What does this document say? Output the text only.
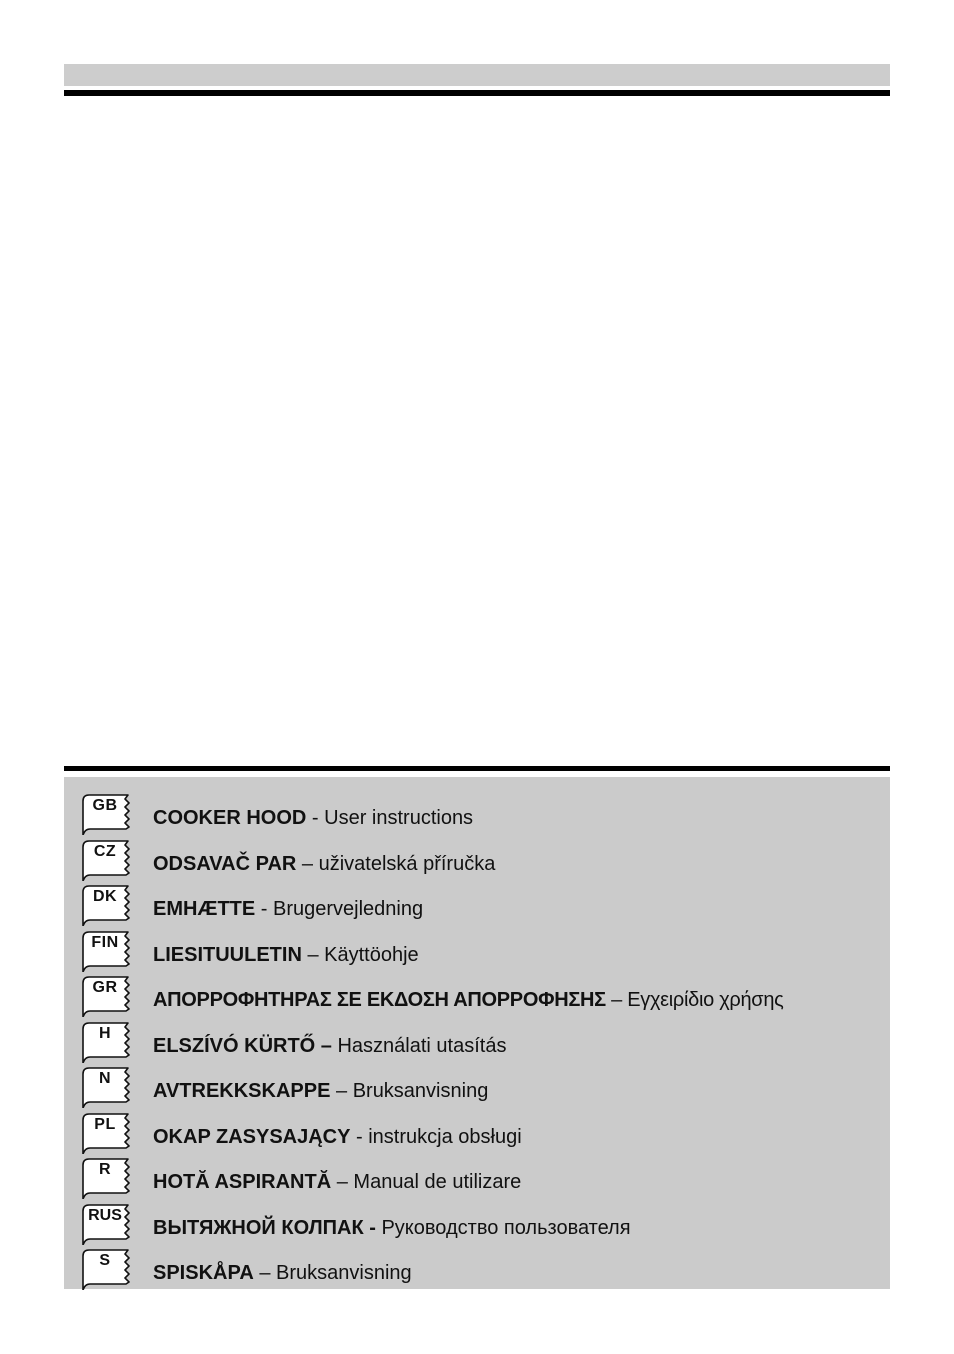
GB
COOKER HOOD - User instructions
CZ
ODSAVAČ PAR – uživatelská příručka
DK
EMHÆTTE - Brugervejledning
FIN
LIESITUULETIN – Käyttöohje
GR
ΑΠΟΡΡΟΦΗΤΗΡΑΣ ΣΕ ΕΚΔΟΣΗ ΑΠΟΡΡΟΦΗΣΗΣ – Εγχειρίδιο χρήσης
H
ELSZÍVÓ KÜRTŐ – Használati utasítás
N
AVTREKKSKAPPE – Bruksanvisning
PL
OKAP ZASYSAJĄCY - instrukcja obsługi
R
HOTĂ ASPIRANTĂ – Manual de utilizare
RUS
ВЫТЯЖНОЙ КОЛПАК - Руководство пользователя
S
SPISKÅPA – Bruksanvisning
